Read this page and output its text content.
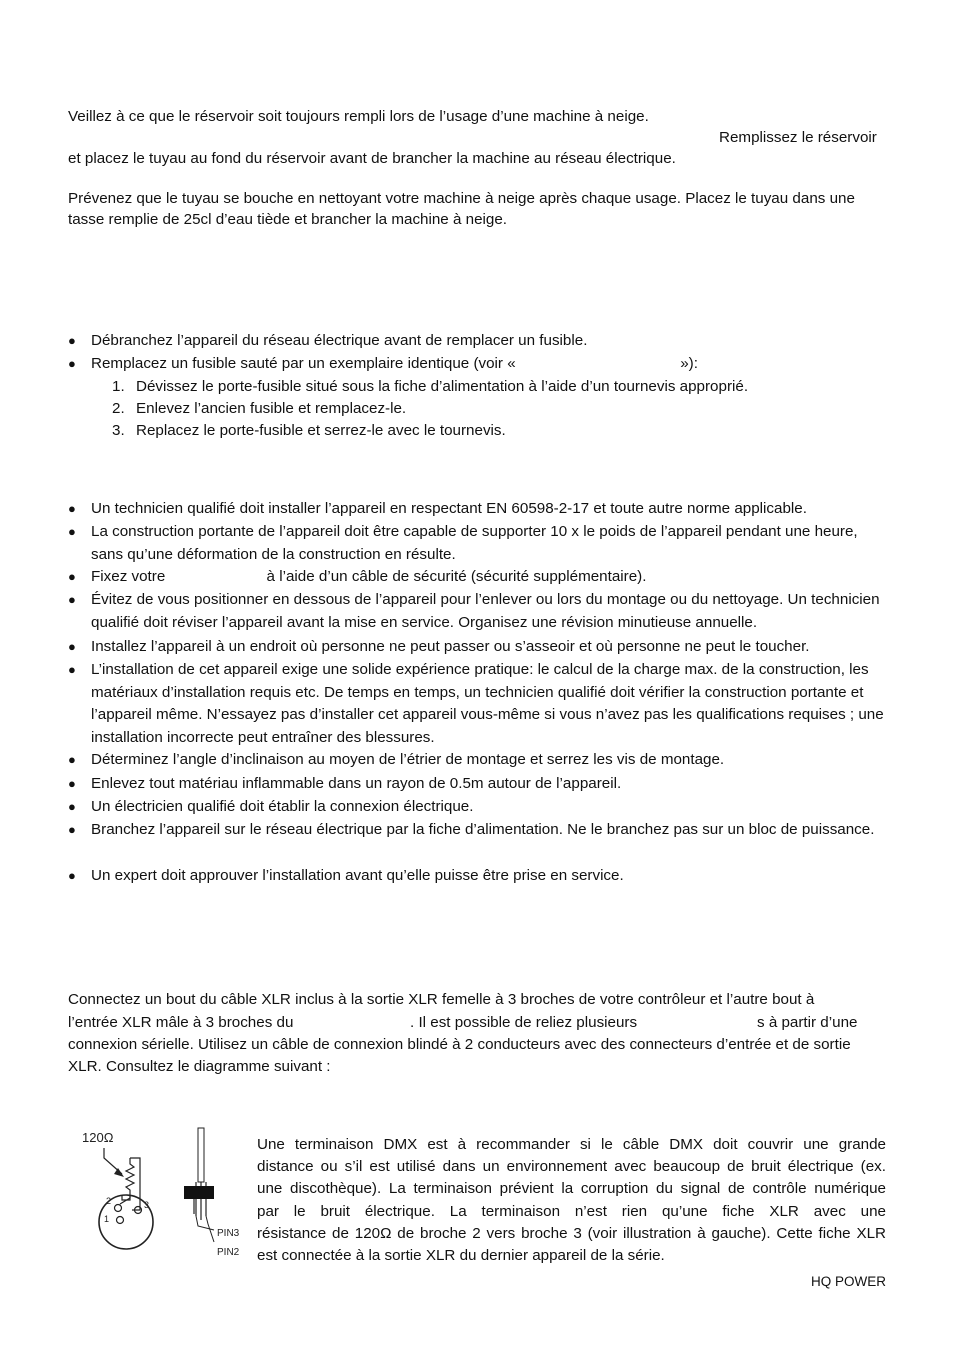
Veillez à ce que le réservoir soit toujours rempli lors de l’usage d’une machine à neige.
Remplissez le réservoir
et placez le tuyau au fond du réservoir avant de brancher la machine au réseau électrique.
Prévenez que le tuyau se bouche en nettoyant votre machine à neige après chaque usage. Placez le tuyau dans une tasse remplie de 25cl d’eau tiède et brancher la machine à neige.
● Débranchez l’appareil du réseau électrique avant de remplacer un fusible.
● Remplacez un fusible sauté par un exemplaire identique (voir «                                       »):
1. Dévissez le porte-fusible situé sous la fiche d’alimentation à l’aide d’un tournevis approprié.
2. Enlevez l’ancien fusible et remplacez-le.
3. Replacez le porte-fusible et serrez-le avec le tournevis.
● Un technicien qualifié doit installer l’appareil en respectant EN 60598-2-17 et toute autre norme applicable.
● La construction portante de l’appareil doit être capable de supporter 10 x le poids de l’appareil pendant une heure, sans qu’une déformation de la construction en résulte.
● Fixez votre                        à l’aide d’un câble de sécurité (sécurité supplémentaire).
● Évitez de vous positionner en dessous de l’appareil pour l’enlever ou lors du montage ou du nettoyage. Un technicien qualifié doit réviser l’appareil avant la mise en service. Organisez une révision minutieuse annuelle.
● Installez l’appareil à un endroit où personne ne peut passer ou s’asseoir et où personne ne peut le toucher.
● L’installation de cet appareil exige une solide expérience pratique: le calcul de la charge max. de la construction, les matériaux d’installation requis etc. De temps en temps, un technicien qualifié doit vérifier la construction portante et l’appareil même. N’essayez pas d’installer cet appareil vous-même si vous n’avez pas les qualifications requises ; une installation incorrecte peut entraîner des blessures.
● Déterminez l’angle d’inclinaison au moyen de l’étrier de montage et serrez les vis de montage.
● Enlevez tout matériau inflammable dans un rayon de 0.5m autour de l’appareil.
● Un électricien qualifié doit établir la connexion électrique.
● Branchez l’appareil sur le réseau électrique par la fiche d’alimentation. Ne le branchez pas sur un bloc de puissance.
● Un expert doit approuver l’installation avant qu’elle puisse être prise en service.
Connectez un bout du câble XLR inclus à la sortie XLR femelle à 3 broches de votre contrôleur et l’autre bout à
l’entrée XLR mâle à 3 broches du	. Il est possible de reliez plusieurs	s à partir d’une
connexion sérielle. Utilisez un câble de connexion blindé à 2 conducteurs avec des connecteurs d’entrée et de sortie
XLR. Consultez le diagramme suivant :
120Ω
2	3
1
PIN3
PIN2
Une terminaison DMX est à recommander si le câble DMX doit couvrir une grande
distance ou s’il est utilisé dans un environnement avec beaucoup de bruit électrique (ex.
une discothèque). La terminaison prévient la corruption du signal de contrôle numérique
par le bruit électrique. La terminaison n’est rien qu’une fiche XLR avec une
résistance de 120Ω de broche 2 vers broche 3 (voir illustration à gauche). Cette fiche XLR
est connectée à la sortie XLR du dernier appareil de la série.
HQ POWER
